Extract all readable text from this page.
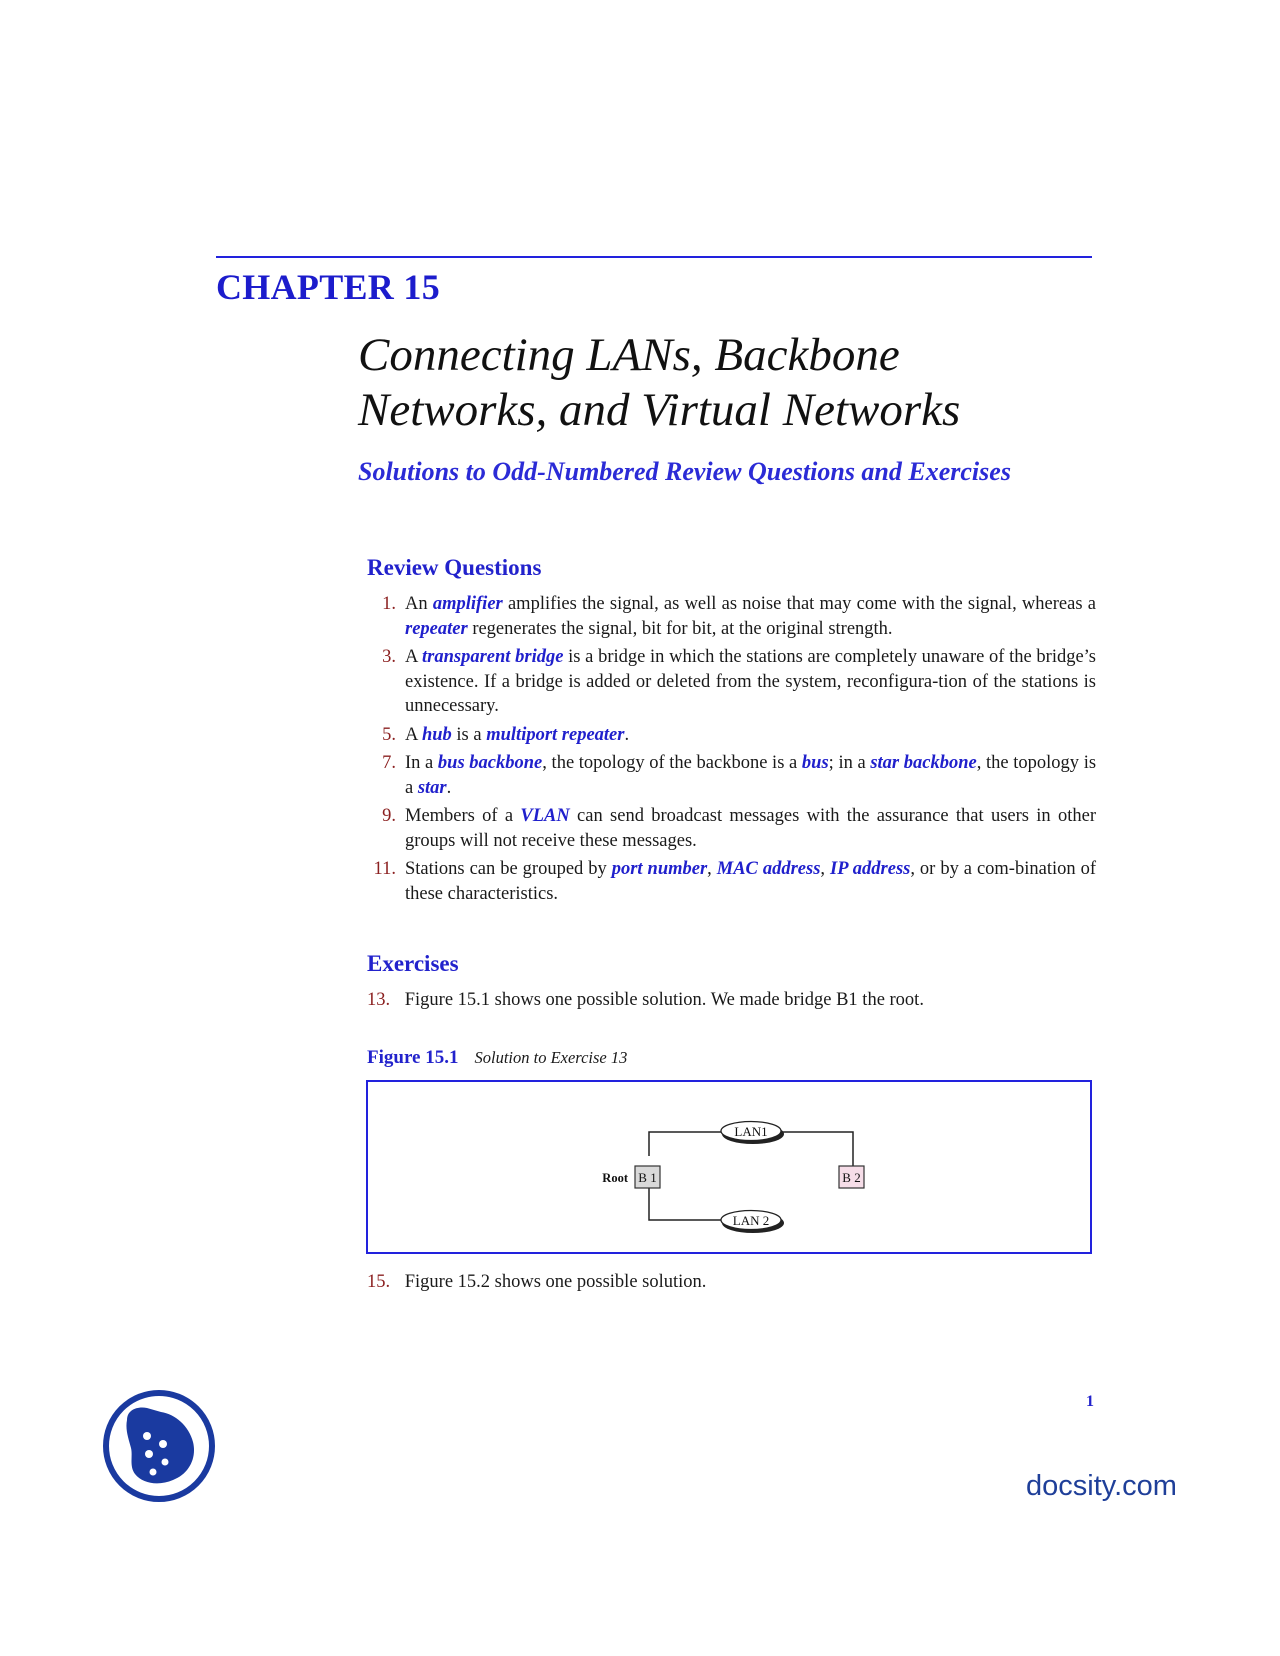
CHAPTER 15
Connecting LANs, Backbone
Networks, and Virtual Networks
Solutions to Odd-Numbered Review Questions and Exercises
Review Questions
1. An amplifier amplifies the signal, as well as noise that may come with the signal, whereas a repeater regenerates the signal, bit for bit, at the original strength.
3. A transparent bridge is a bridge in which the stations are completely unaware of the bridge’s existence. If a bridge is added or deleted from the system, reconfigura-tion of the stations is unnecessary.
5. A hub is a multiport repeater.
7. In a bus backbone, the topology of the backbone is a bus; in a star backbone, the topology is a star.
9. Members of a VLAN can send broadcast messages with the assurance that users in other groups will not receive these messages.
11. Stations can be grouped by port number, MAC address, IP address, or by a com-bination of these characteristics.
Exercises
13. Figure 15.1 shows one possible solution. We made bridge B1 the root.
Figure 15.1 Solution to Exercise 13
LAN1
LAN 2
B 1	B 2
Root
15. Figure 15.2 shows one possible solution.
1
docsity.com
